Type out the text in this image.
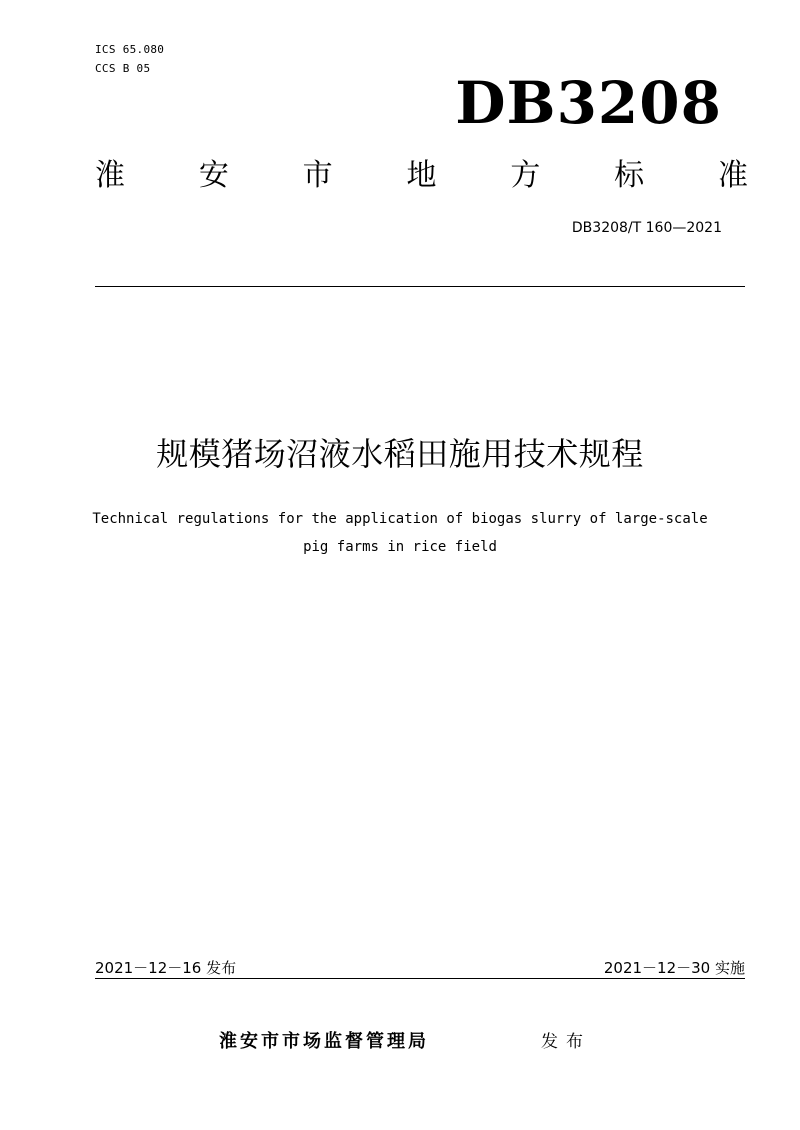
ICS 65.080
CCS B 05
DB3208
淮 安 市 地 方 标 准
DB3208/T 160—2021
规模猪场沼液水稻田施用技术规程
Technical regulations for the application of biogas slurry of large-scale
pig farms in rice field
2021－12－16 发布	2021－12－30 实施
淮安市市场监督管理局	发布
